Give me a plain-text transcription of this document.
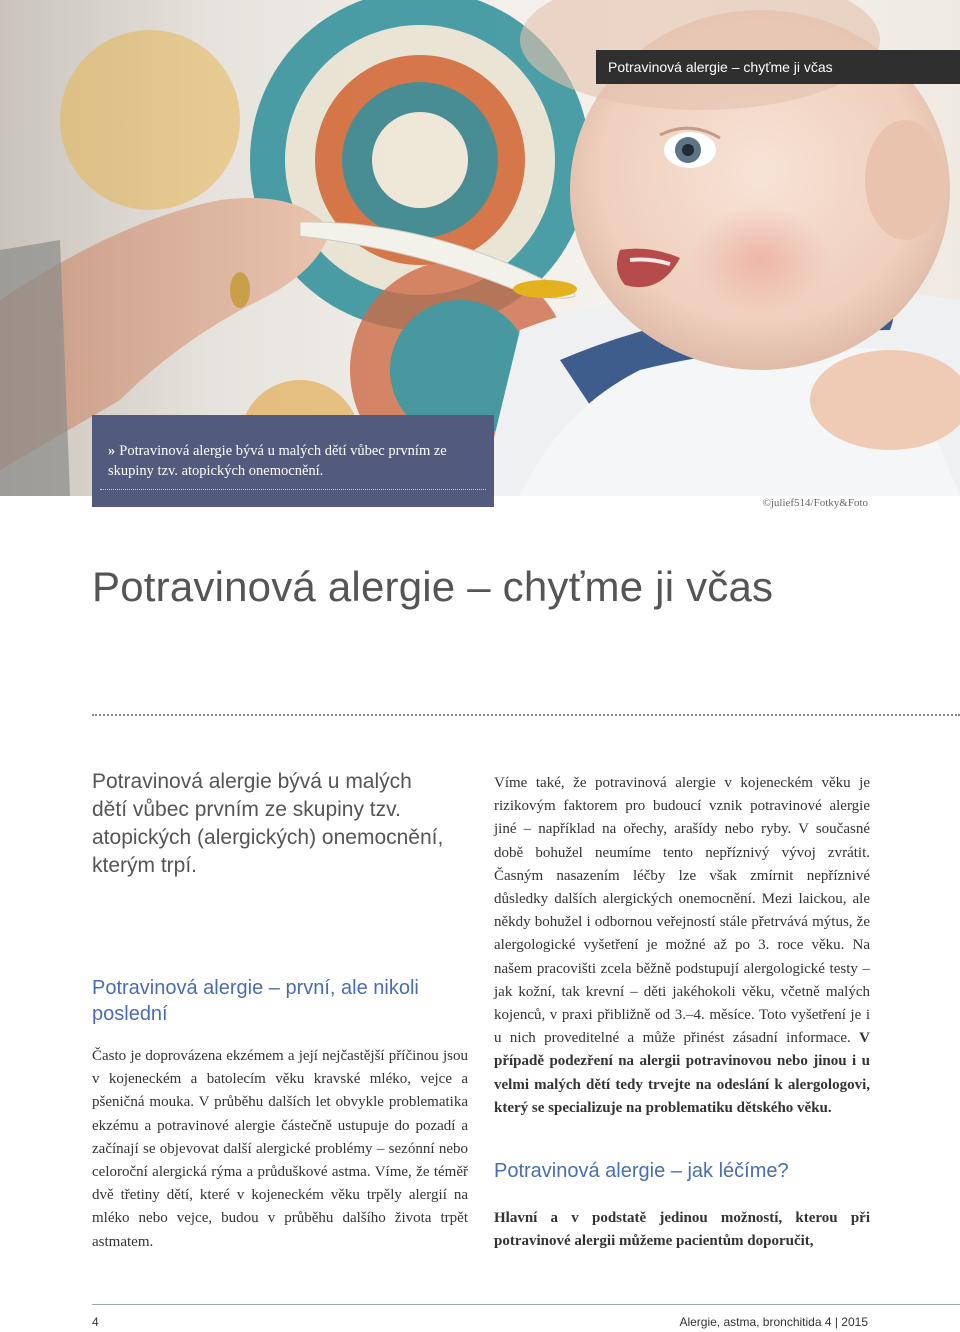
Potravinová alergie – chyťme ji včas
» Potravinová alergie bývá u malých dětí vůbec prvním ze skupiny tzv. atopických onemocnění.
©julief514/Fotky&Foto
Potravinová alergie – chyťme ji včas

Potravinová alergie bývá u malých dětí vůbec prvním ze skupiny tzv. atopických (alergických) onemocnění, kterým trpí.

Potravinová alergie – první, ale nikoli poslední

Často je doprovázena ekzémem a její nejčastější příčinou jsou v kojeneckém a batolecím věku kravské mléko, vejce a pšeničná mouka. V průběhu dalších let obvykle problematika ekzému a potravinové alergie částečně ustupuje do pozadí a začínají se objevovat další alergické problémy – sezónní nebo celoroční alergická rýma a průduškové astma. Víme, že téměř dvě třetiny dětí, které v kojeneckém věku trpěly alergií na mléko nebo vejce, budou v průběhu dalšího života trpět astmatem.

Víme také, že potravinová alergie v kojeneckém věku je rizikovým faktorem pro budoucí vznik potravinové alergie jiné – například na ořechy, arašídy nebo ryby. V současné době bohužel neumíme tento nepříznivý vývoj zvrátit. Časným nasazením léčby lze však zmírnit nepříznivé důsledky dalších alergických onemocnění. Mezi laickou, ale někdy bohužel i odbornou veřejností stále přetrvává mýtus, že alergologické vyšetření je možné až po 3. roce věku. Na našem pracovišti zcela běžně podstupují alergologické testy – jak kožní, tak krevní – děti jakéhokoli věku, včetně malých kojenců, v praxi přibližně od 3.–4. měsíce. Toto vyšetření je i u nich proveditelné a může přinést zásadní informace. V případě podezření na alergii potravinovou nebo jinou i u velmi malých dětí tedy trvejte na odeslání k alergologovi, který se specializuje na problematiku dětského věku.

Potravinová alergie – jak léčíme?

Hlavní a v podstatě jedinou možností, kterou při potravinové alergii můžeme pacientům doporučit,

4	Alergie, astma, bronchitida 4 | 2015
